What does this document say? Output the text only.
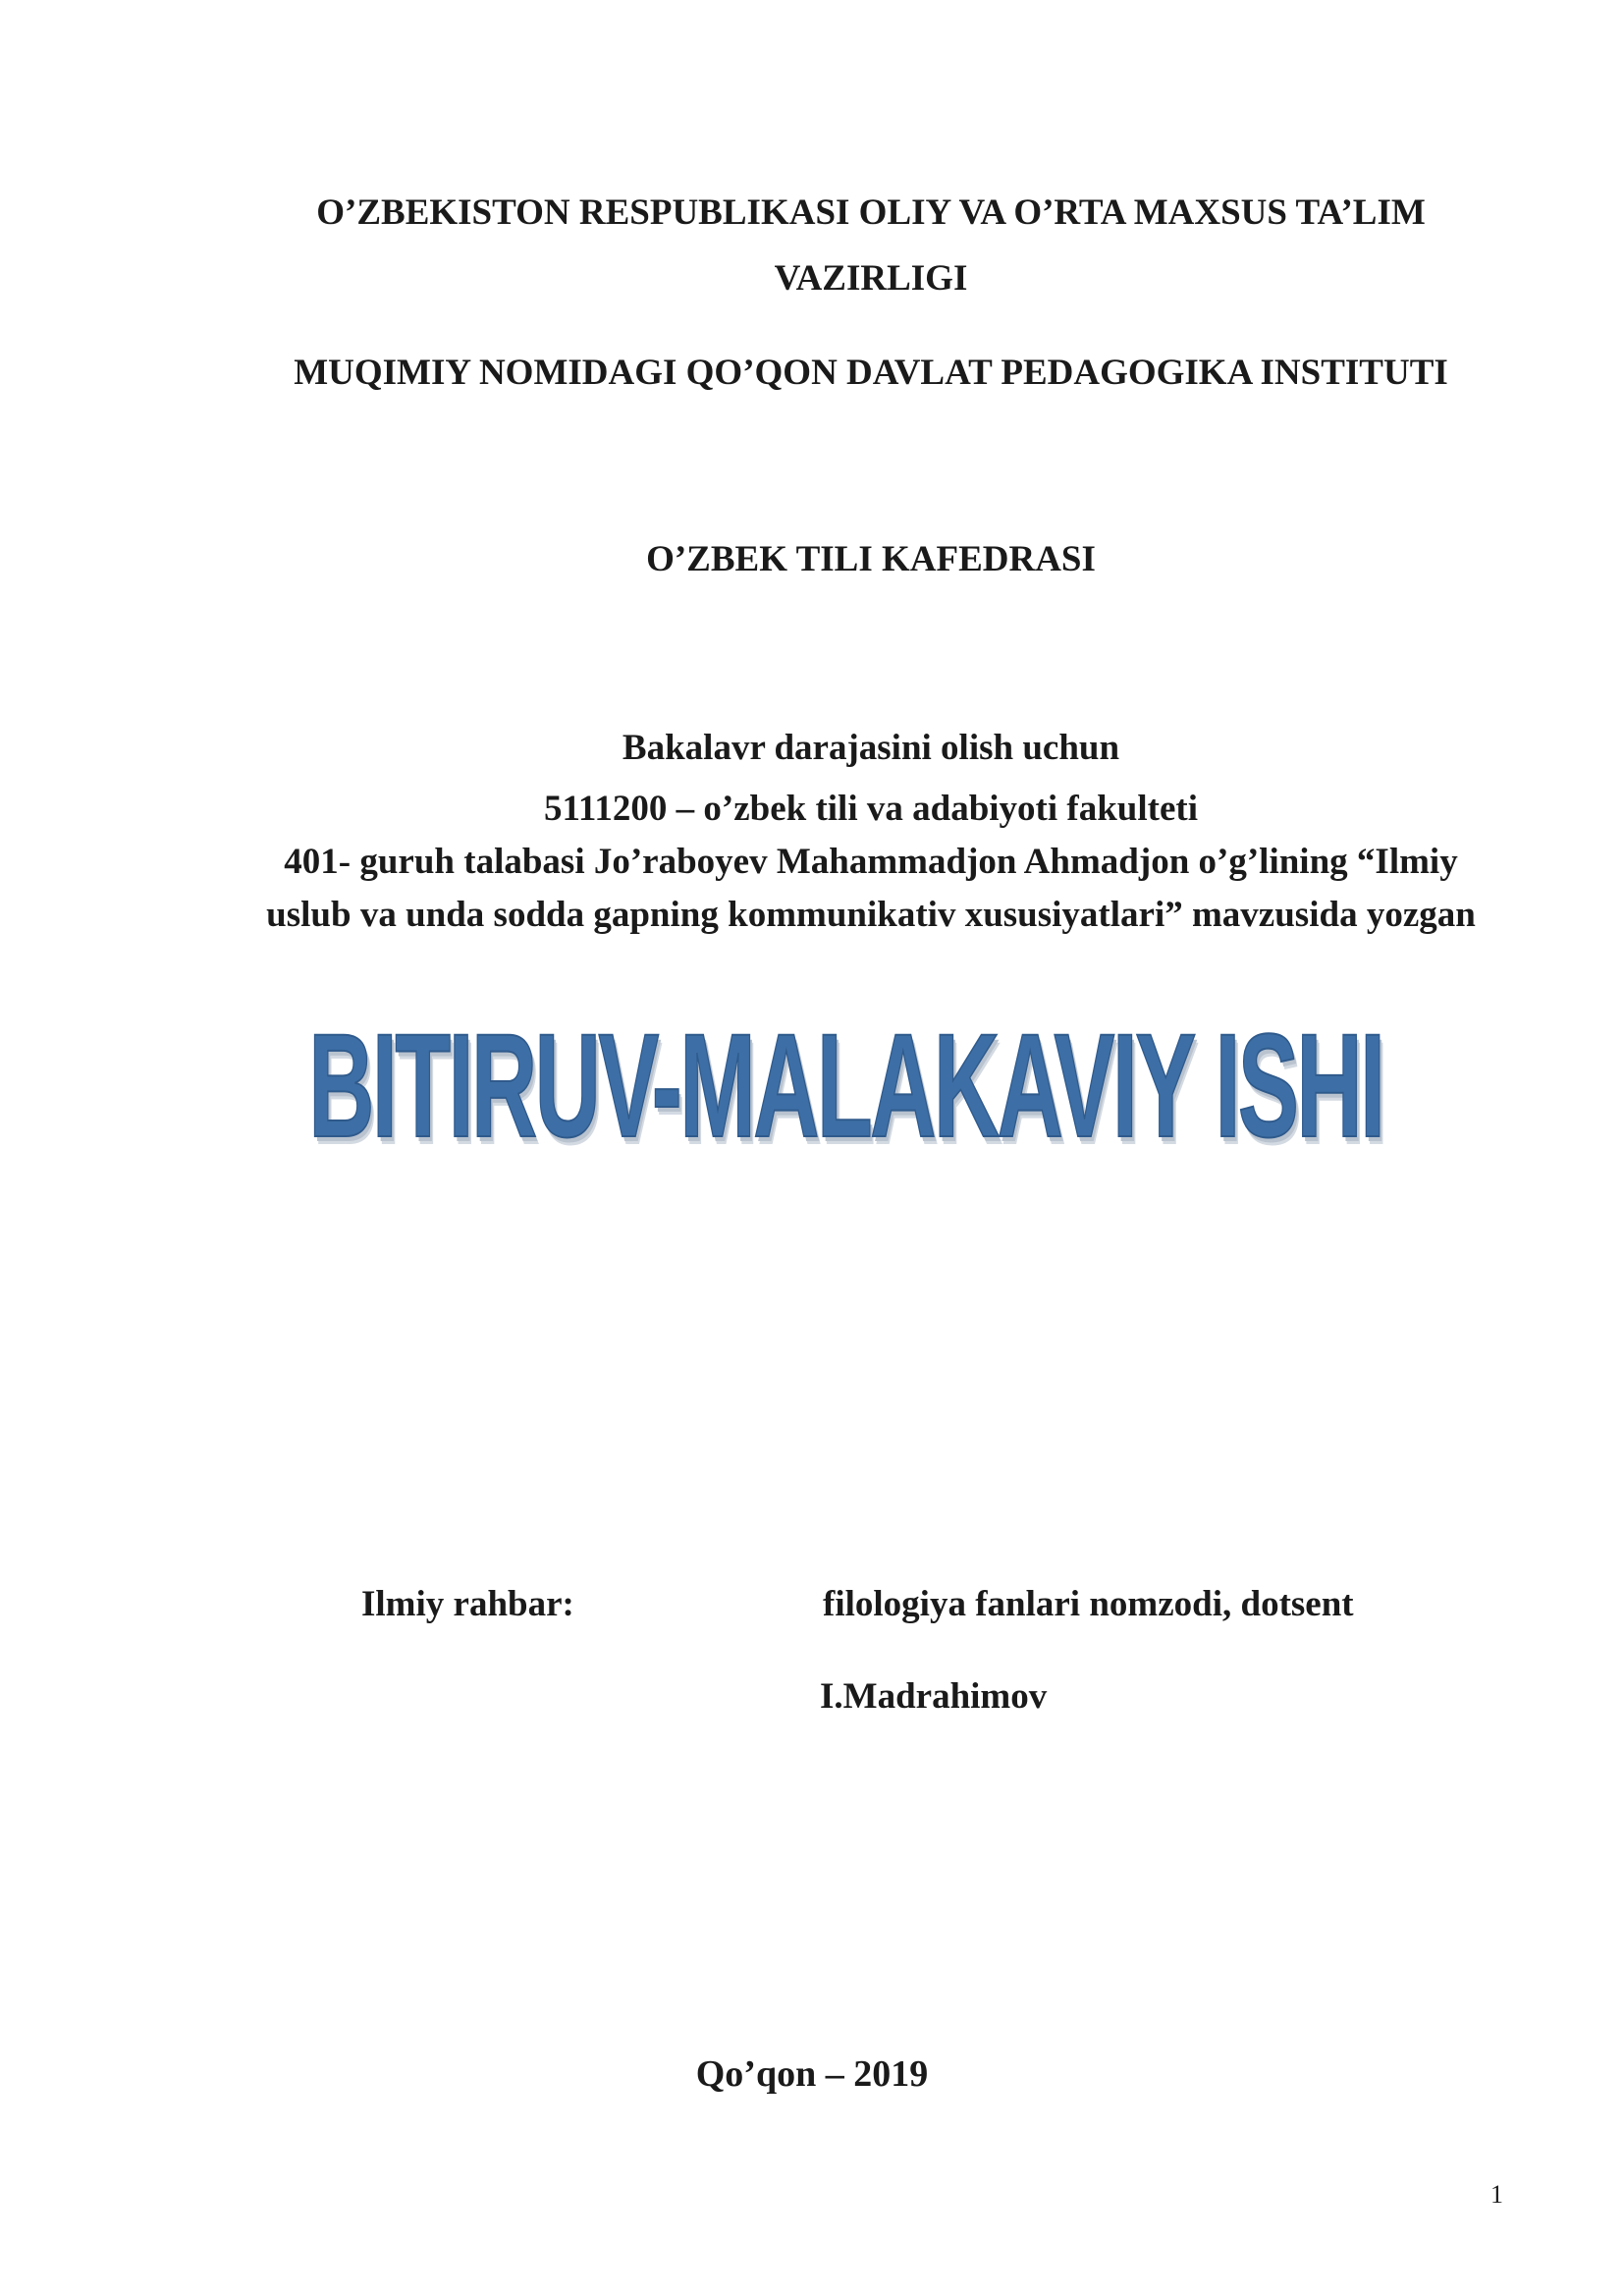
O’ZBEKISTON RESPUBLIKASI OLIY VA O’RTA MAXSUS TA’LIM
VAZIRLIGI
MUQIMIY NOMIDAGI QO’QON DAVLAT PEDAGOGIKA INSTITUTI
O’ZBEK TILI KAFEDRASI
Bakalavr darajasini olish uchun
5111200 – o’zbek tili va adabiyoti fakulteti
401- guruh talabasi Jo’raboyev Mahammadjon Ahmadjon o’g’lining “Ilmiy
uslub va unda sodda gapning kommunikativ xususiyatlari” mavzusida yozgan
BITIRUV-MALAKAVIY ISHI
Ilmiy rahbar:	filologiya fanlari nomzodi, dotsent
I.Madrahimov
Qo’qon – 2019
1
